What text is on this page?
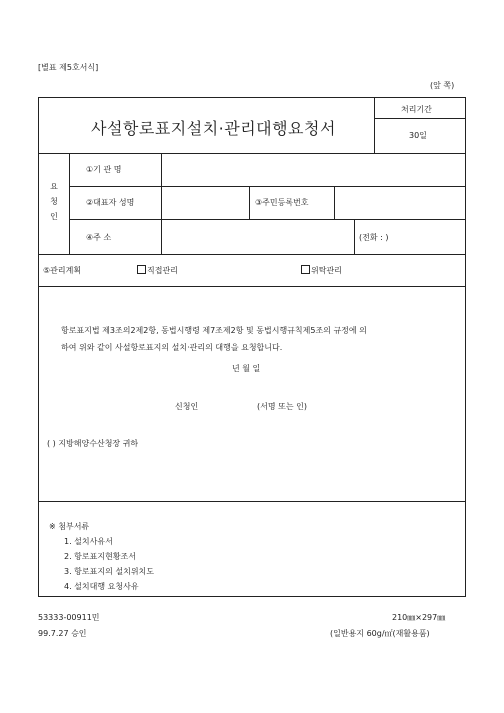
[별표 제5호서식]
(앞 쪽)
사설항로표지설치·관리대행요청서
처리기간
30일
요
청
인
①기 관 명
②대표자 성명	③주민등록번호
④주 소	(전화 : )
⑤관리계획	직접관리	위탁관리
항로표지법 제3조의2제2항, 동법시행령 제7조제2항 및 동법시행규칙제5조의 규정에 의
하여 위와 같이 사설항로표지의 설치·관리의 대행을 요청합니다.
년 월 일
신청인	(서명 또는 인)
( ) 지방해양수산청장 귀하
※ 첨부서류
1. 설치사유서
2. 항로표지현황조서
3. 항로표지의 설치위치도
4. 설치대행 요청사유
53333-00911민
99.7.27 승인
210㎜×297㎜
(일반용지 60g/㎡(재활용품)
